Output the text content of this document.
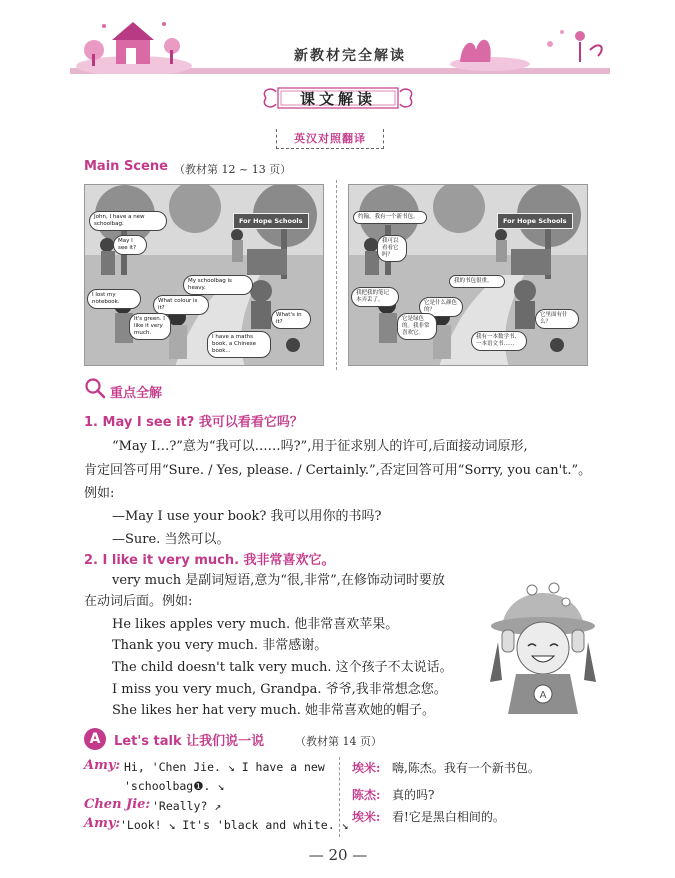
新教材完全解读
课文解读
英汉对照翻译
Main Scene （教材第 12 ~ 13 页）
For Hope Schools
John, I have a new schoolbag.
May I see it?
I lost my notebook.	What colour is it?
It's green. I like it very much.
My schoolbag is heavy.
What's in it?
I have a maths book, a Chinese book...
For Hope Schools
约翰，我有一个新书包。
我可以看看它吗？
我的书包很重。
我把我的笔记本弄丢了。	它是什么颜色的？
它是绿色的。我非常喜欢它。
它里面有什么？
我有一本数学书、一本语文书……
重点全解
1. May I see it? 我可以看看它吗？
“May I…?”意为“我可以……吗?”,用于征求别人的许可,后面接动词原形,
肯定回答可用“Sure. / Yes, please. / Certainly.”,否定回答可用“Sorry, you can't.”。
例如:
—May I use your book? 我可以用你的书吗?
—Sure. 当然可以。
2. I like it very much. 我非常喜欢它。
very much 是副词短语,意为“很,非常”,在修饰动词时要放
在动词后面。例如:
He likes apples very much. 他非常喜欢苹果。
Thank you very much. 非常感谢。
The child doesn't talk very much. 这个孩子不太说话。
I miss you very much, Grandpa. 爷爷,我非常想念您。
She likes her hat very much. 她非常喜欢她的帽子。
A
A	Let's talk 让我们说一说	（教材第 14 页）
Amy: Hi, 'Chen Jie. ↘ I have a new
'schoolbag❶. ↘
Chen Jie: 'Really? ↗
Amy: 'Look! ↘ It's 'black and white. ↘
埃米: 嗨,陈杰。我有一个新书包。
陈杰: 真的吗?
埃米: 看!它是黑白相间的。
— 20 —
